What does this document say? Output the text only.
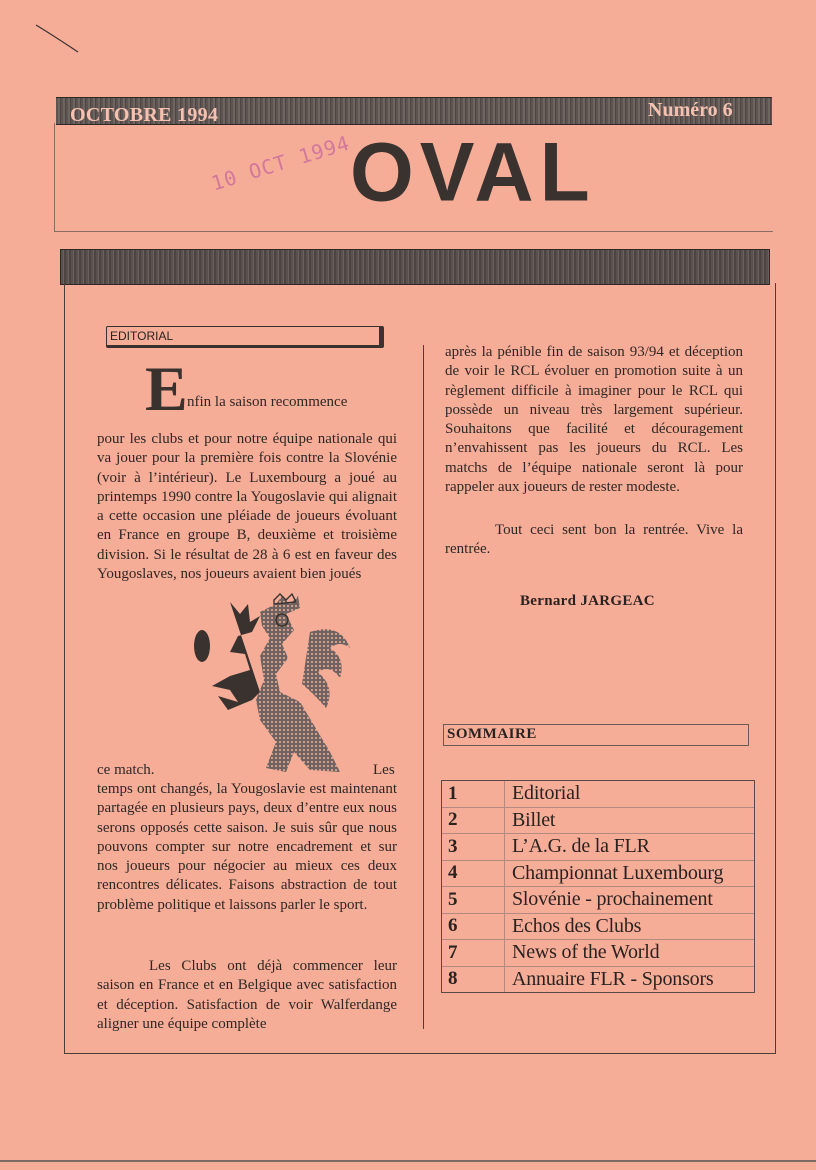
OCTOBRE 1994	Numéro 6
OVAL
10 OCT 1994
EDITORIAL
E nfin la saison recommence
pour les clubs et pour notre équipe nationale qui va jouer pour la première fois contre la Slovénie (voir à l’intérieur). Le Luxembourg a joué au printemps 1990 contre la Yougoslavie qui alignait a cette occasion une pléiade de joueurs évoluant en France en groupe B, deuxième et troisième division. Si le résultat de 28 à 6 est en faveur des Yougoslaves, nos joueurs avaient bien joués
ce match.	Les
temps ont changés, la Yougoslavie est maintenant partagée en plusieurs pays, deux d’entre eux nous serons opposés cette saison. Je suis sûr que nous pouvons compter sur notre encadrement et sur nos joueurs pour négocier au mieux ces deux rencontres délicates. Faisons abstraction de tout problème politique et laissons parler le sport.
Les Clubs ont déjà commencer leur saison en France et en Belgique avec satisfaction et déception. Satisfaction de voir Walferdange aligner une équipe complète
après la pénible fin de saison 93/94 et déception de voir le RCL évoluer en promotion suite à un règlement difficile à imaginer pour le RCL qui possède un niveau très largement supérieur. Souhaitons que facilité et découragement n’envahissent pas les joueurs du RCL. Les matchs de l’équipe nationale seront là pour rappeler aux joueurs de rester modeste.
Tout ceci sent bon la rentrée. Vive la rentrée.
Bernard JARGEAC
SOMMAIRE
1	Editorial
2	Billet
3	L’A.G. de la FLR
4	Championnat Luxembourg
5	Slovénie - prochainement
6	Echos des Clubs
7	News of the World
8	Annuaire FLR - Sponsors
